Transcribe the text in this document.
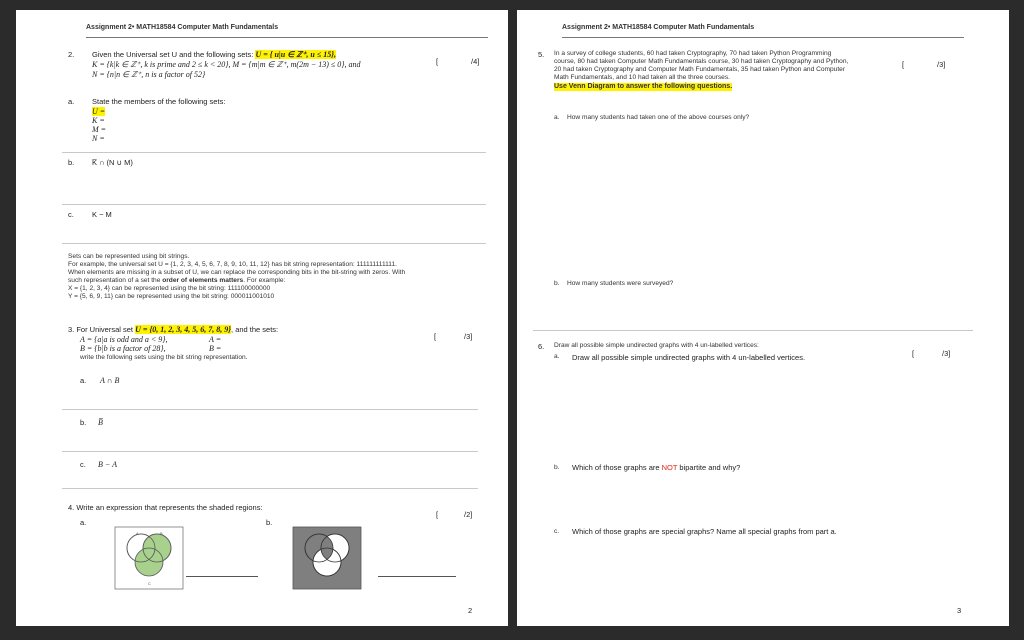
Assignment 2• MATH18584 Computer Math Fundamentals
2. Given the Universal set U and the following sets: U = { u|u ∈ ℤ⁺, u ≤ 15},
K = {k|k ∈ ℤ⁺, k is prime and 2 ≤ k < 20}, M = {m|m ∈ ℤ⁺, m(2m − 13) ≤ 0}, and
N = {n|n ∈ ℤ⁺, n is a factor of 52}
[	/4]
a. State the members of the following sets:
U =
K =
M =
N =
b. K̅ ∩ (N ∪ M)
c. K − M
Sets can be represented using bit strings.
For example, the universal set U = {1, 2, 3, 4, 5, 6, 7, 8, 9, 10, 11, 12} has bit string representation: 111111111111.
When elements are missing in a subset of U, we can replace the corresponding bits in the bit-string with zeros. With
such representation of a set the order of elements matters. For example:
X = {1, 2, 3, 4} can be represented using the bit string: 111100000000
Y = {5, 6, 9, 11} can be represented using the bit string: 000011001010
3. For Universal set U = {0, 1, 2, 3, 4, 5, 6, 7, 8, 9}, and the sets:
A = {a|a is odd and a < 9},	A =
B = {b|b is a factor of 28},	B =
write the following sets using the bit string representation.
[	/3]
a. A ∩ B
b. B̅
c. B − A
4. Write an expression that represents the shaded regions:
[	/2]
a.	b.
A	B
C
2
Assignment 2• MATH18584 Computer Math Fundamentals
5. In a survey of college students, 60 had taken Cryptography, 70 had taken Python Programming
course, 80 had taken Computer Math Fundamentals course, 30 had taken Cryptography and Python,
20 had taken Cryptography and Computer Math Fundamentals, 35 had taken Python and Computer
Math Fundamentals, and 10 had taken all the three courses.
Use Venn Diagram to answer the following questions.
[	/3]
a. How many students had taken one of the above courses only?
b. How many students were surveyed?
6. Draw all possible simple undirected graphs with 4 un-labelled vertices:
a. Draw all possible simple undirected graphs with 4 un-labelled vertices.	[	/3]
b. Which of those graphs are NOT bipartite and why?
c. Which of those graphs are special graphs? Name all special graphs from part a.
3
